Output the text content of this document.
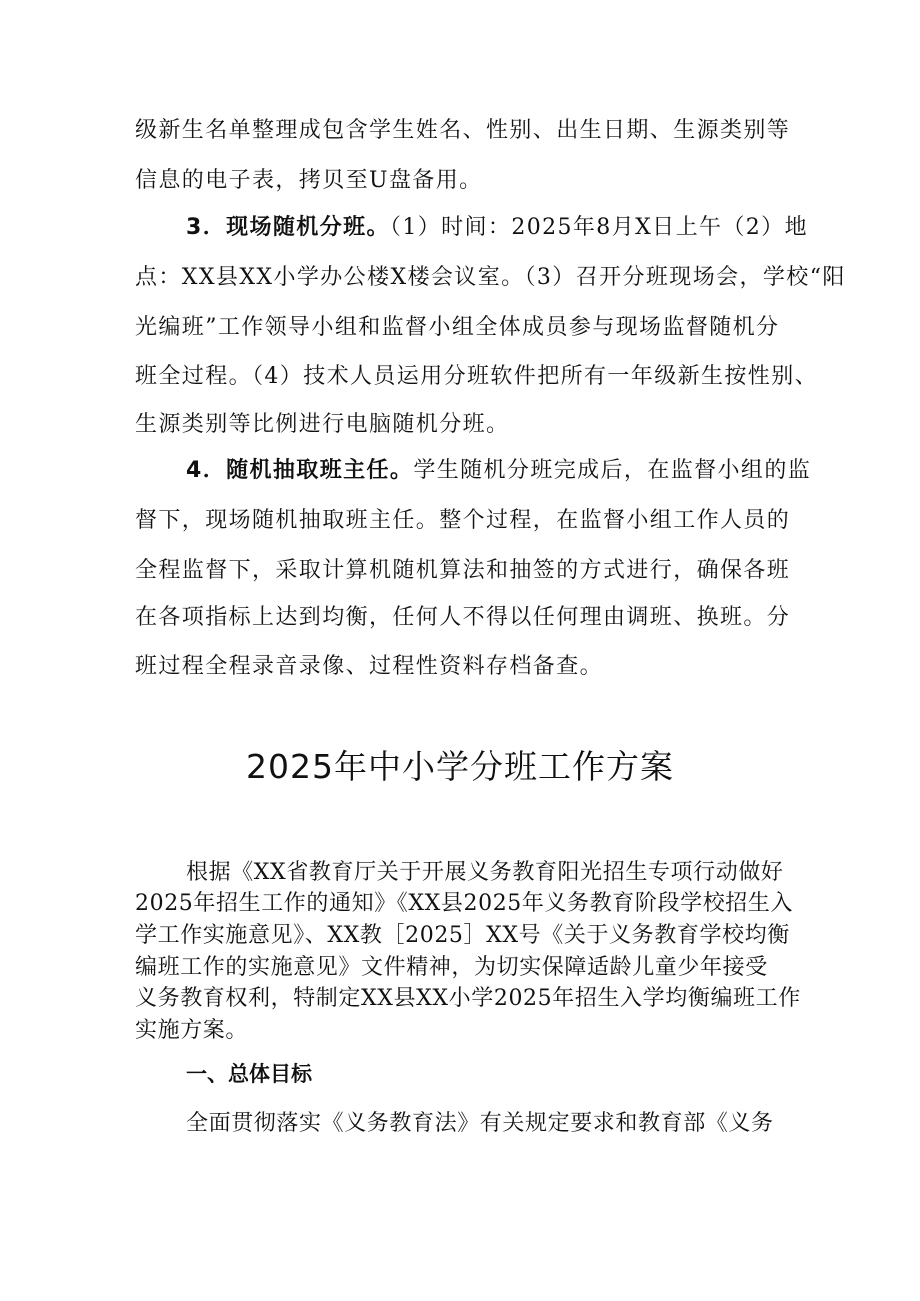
级新生名单整理成包含学生姓名、性别、出生日期、生源类别等
信息的电子表，拷贝至U盘备用。
3．现场随机分班。（1）时间：2025年8月X日上午（2）地
点：XX县XX小学办公楼X楼会议室。（3）召开分班现场会，学校“阳
光编班”工作领导小组和监督小组全体成员参与现场监督随机分
班全过程。（4）技术人员运用分班软件把所有一年级新生按性别、
生源类别等比例进行电脑随机分班。
4．随机抽取班主任。学生随机分班完成后，在监督小组的监
督下，现场随机抽取班主任。整个过程，在监督小组工作人员的
全程监督下，采取计算机随机算法和抽签的方式进行，确保各班
在各项指标上达到均衡，任何人不得以任何理由调班、换班。分
班过程全程录音录像、过程性资料存档备查。
2025年中小学分班工作方案
根据《XX省教育厅关于开展义务教育阳光招生专项行动做好
2025年招生工作的通知》《XX县2025年义务教育阶段学校招生入
学工作实施意见》、XX教［2025］XX号《关于义务教育学校均衡
编班工作的实施意见》文件精神，为切实保障适龄儿童少年接受
义务教育权利，特制定XX县XX小学2025年招生入学均衡编班工作
实施方案。
一、总体目标
全面贯彻落实《义务教育法》有关规定要求和教育部《义务
